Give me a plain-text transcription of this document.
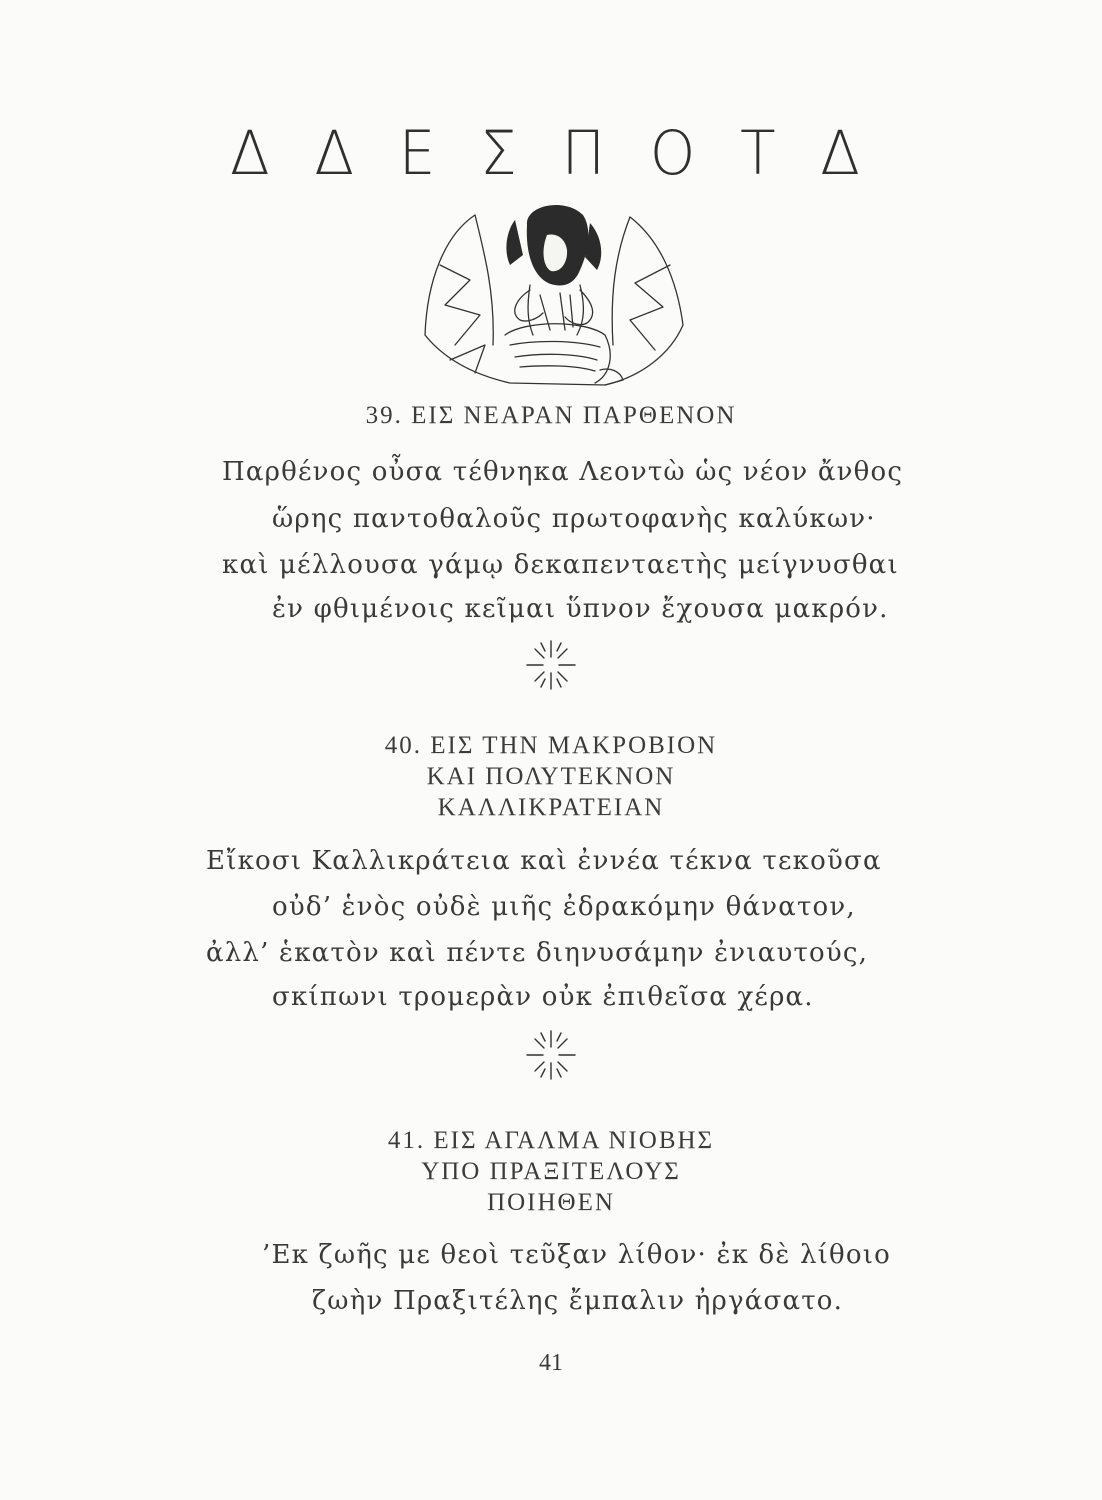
Δ Δ Ε Σ Π Ο Τ Δ
39. ΕΙΣ ΝΕΑΡΑΝ ΠΑΡΘΕΝΟΝ
Παρθένος οὖσα τέθνηκα Λεοντὼ ὡς νέον ἄνθος
ὥρης παντοθαλοῦς πρωτοφανὴς καλύκων·
καὶ μέλλουσα γάμῳ δεκαπενταετὴς μείγνυσθαι
ἐν φθιμένοις κεῖμαι ὕπνον ἔχουσα μακρόν.
40. ΕΙΣ ΤΗΝ ΜΑΚΡΟΒΙΟΝ
ΚΑΙ ΠΟΛΥΤΕΚΝΟΝ
ΚΑΛΛΙΚΡΑΤΕΙΑΝ
Εἴκοσι Καλλικράτεια καὶ ἐννέα τέκνα τεκοῦσα
οὐδ’ ἑνὸς οὐδὲ μιῆς ἐδρακόμην θάνατον,
ἀλλ’ ἑκατὸν καὶ πέντε διηνυσάμην ἐνιαυτούς,
σκίπωνι τρομερὰν οὐκ ἐπιθεῖσα χέρα.
41. ΕΙΣ ΑΓΑΛΜΑ ΝΙΟΒΗΣ
ΥΠΟ ΠΡΑΞΙΤΕΛΟΥΣ
ΠΟΙΗΘΕΝ
’Εκ ζωῆς με θεοὶ τεῦξαν λίθον· ἐκ δὲ λίθοιο
ζωὴν Πραξιτέλης ἔμπαλιν ἠργάσατο.
41
